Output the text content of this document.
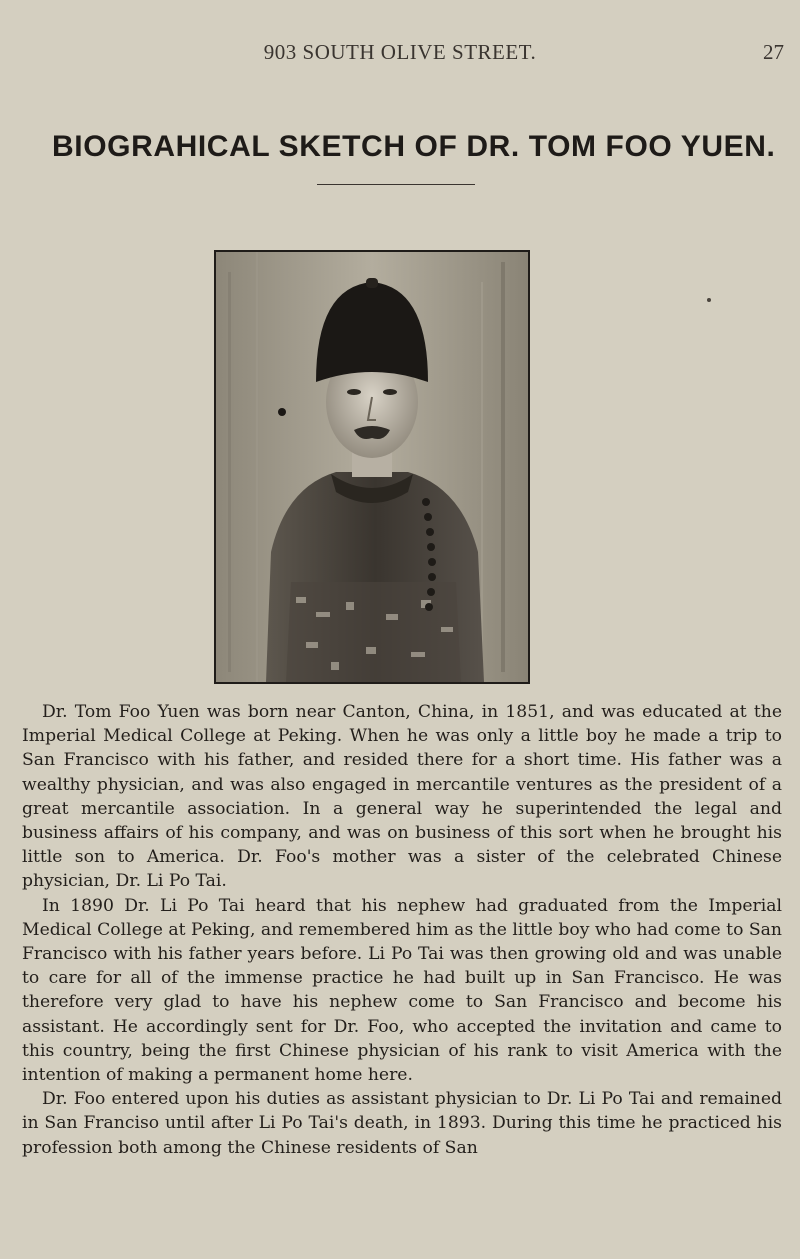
903 SOUTH OLIVE STREET.	27
BIOGRAHICAL SKETCH OF DR. TOM FOO YUEN.

Dr. Tom Foo Yuen was born near Canton, China, in 1851, and was educated at the Imperial Medical College at Peking. When he was only a little boy he made a trip to San Francisco with his father, and resided there for a short time. His father was a wealthy physician, and was also engaged in mercantile ventures as the president of a great mercantile association. In a general way he superintended the legal and business affairs of his company, and was on business of this sort when he brought his little son to America. Dr. Foo's mother was a sister of the celebrated Chinese physician, Dr. Li Po Tai.

In 1890 Dr. Li Po Tai heard that his nephew had graduated from the Imperial Medical College at Peking, and remembered him as the little boy who had come to San Francisco with his father years before. Li Po Tai was then growing old and was unable to care for all of the immense practice he had built up in San Francisco. He was therefore very glad to have his nephew come to San Francisco and become his assistant. He accordingly sent for Dr. Foo, who accepted the invitation and came to this country, being the first Chinese physician of his rank to visit America with the intention of making a permanent home here.

Dr. Foo entered upon his duties as assistant physician to Dr. Li Po Tai and remained in San Franciso until after Li Po Tai's death, in 1893. During this time he practiced his profession both among the Chinese residents of San
